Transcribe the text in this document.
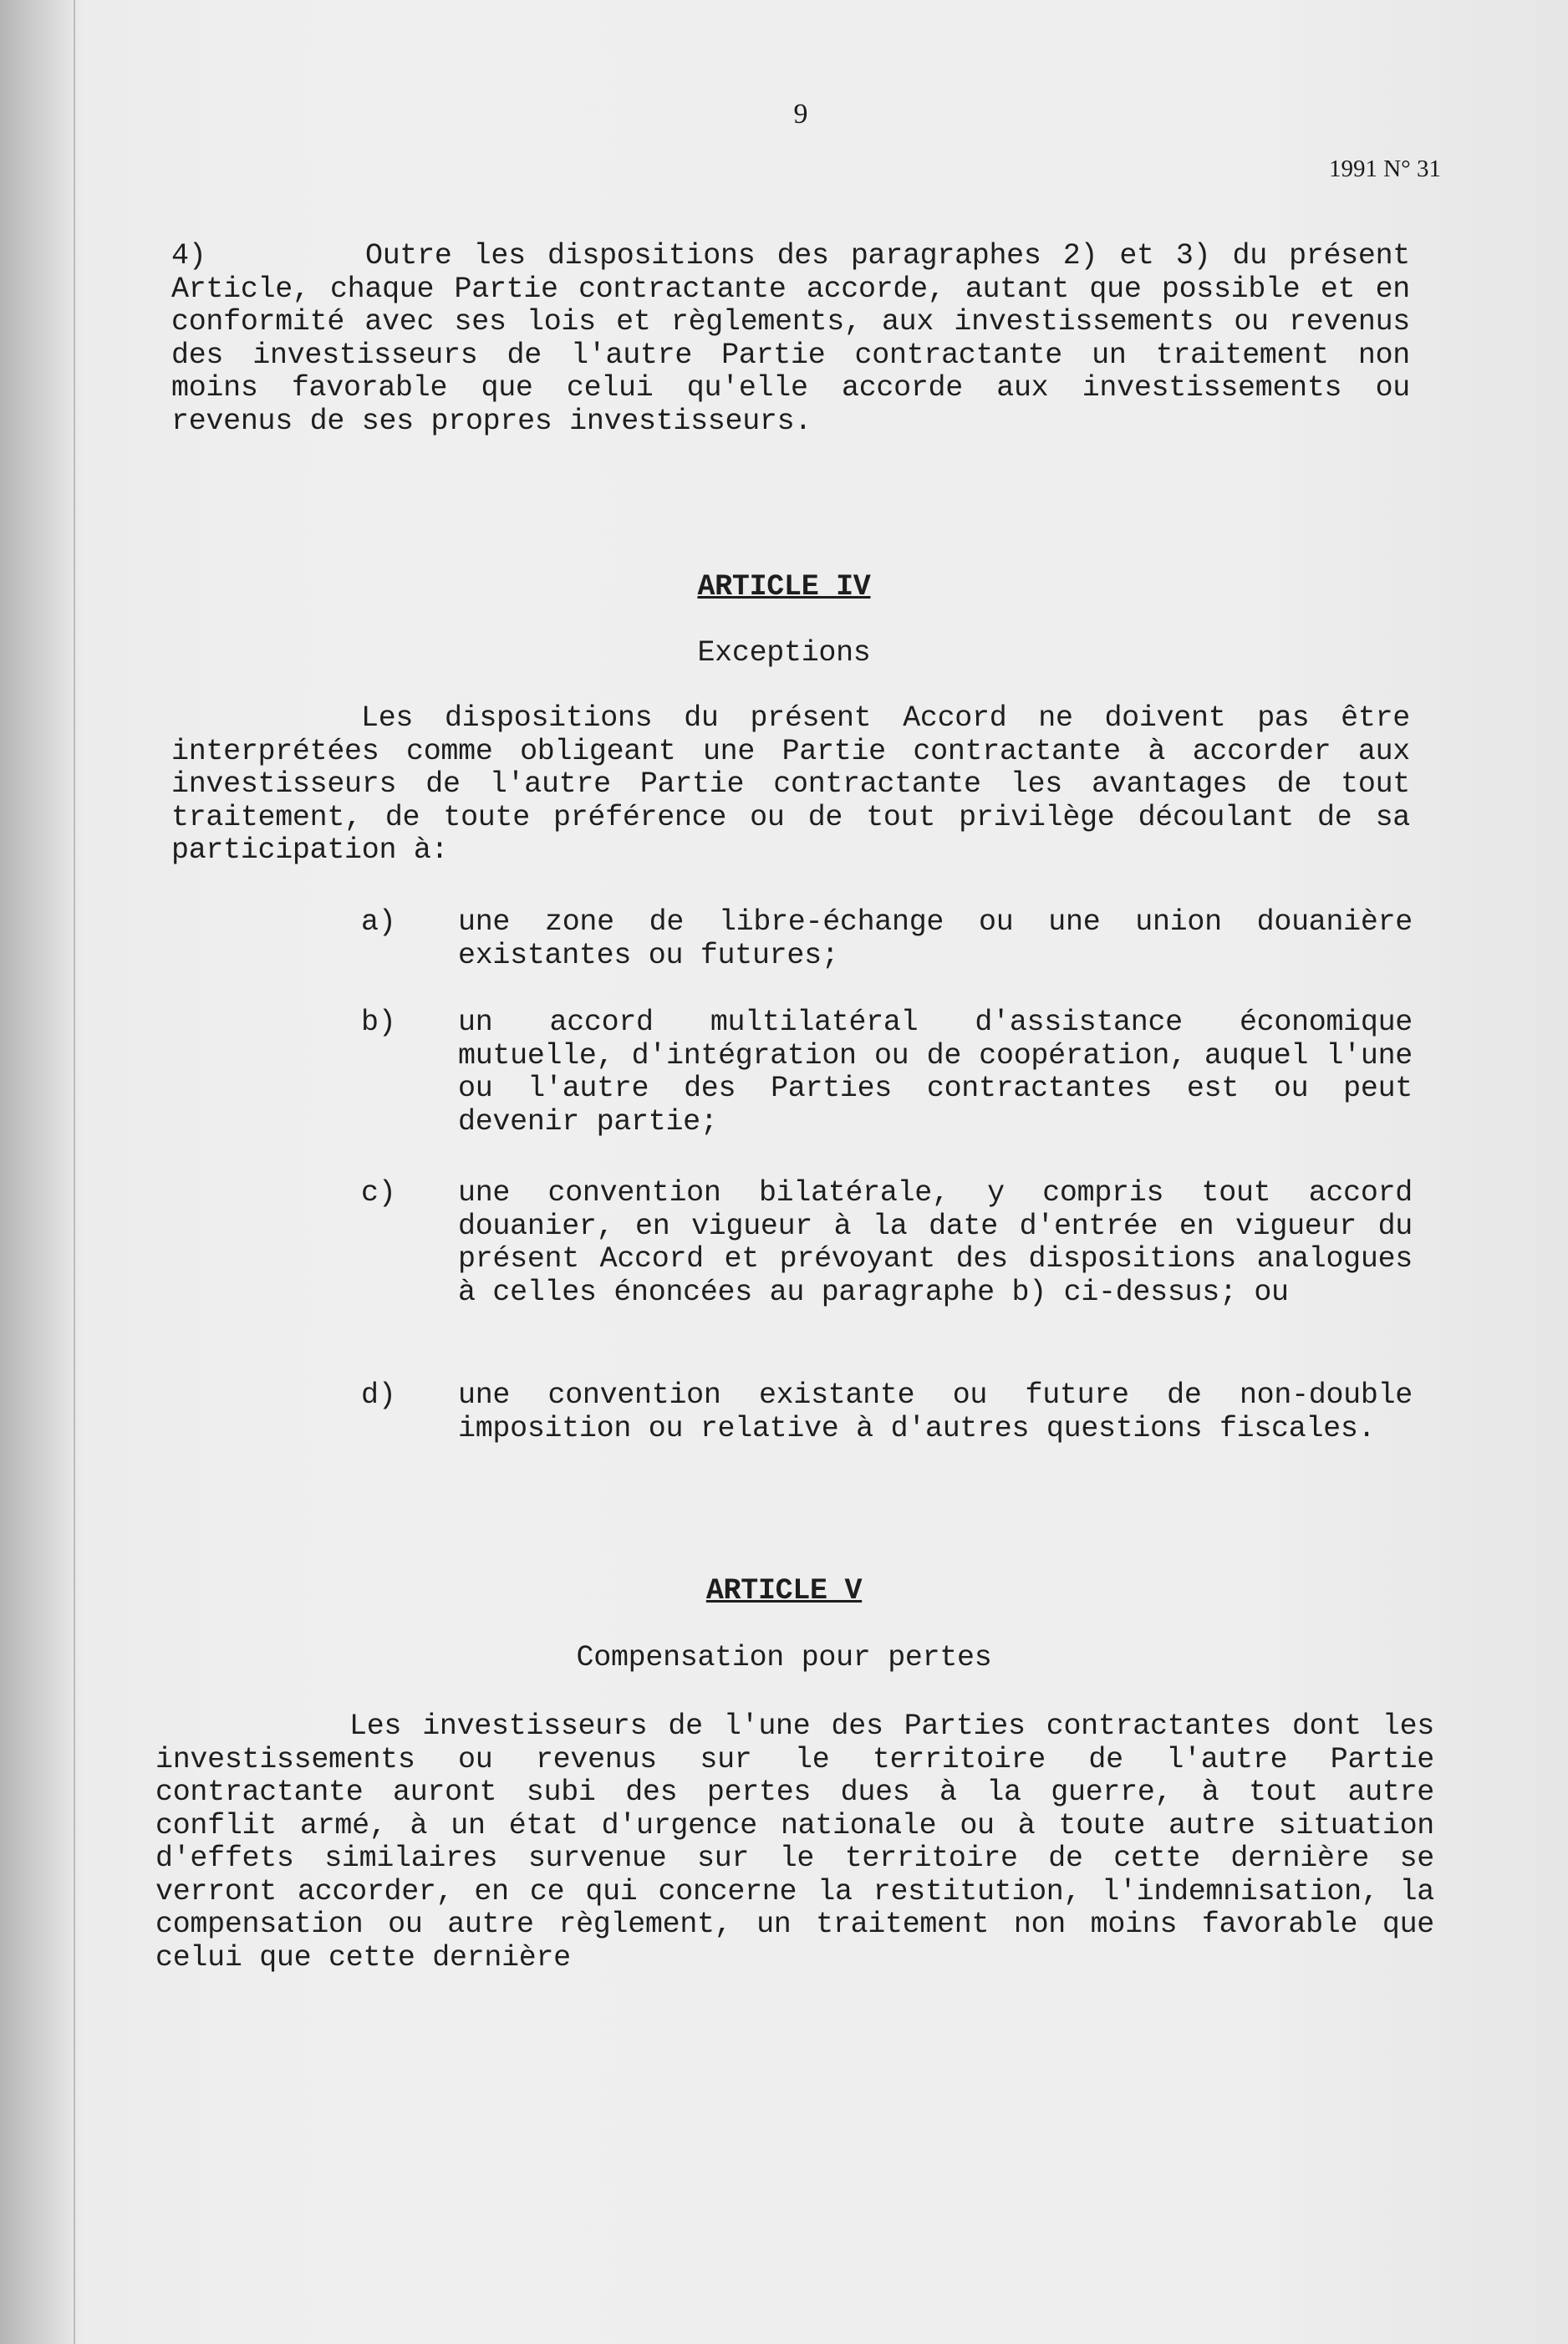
9
1991 N° 31
4)	Outre les dispositions des paragraphes 2) et 3) du présent Article, chaque Partie contractante accorde, autant que possible et en conformité avec ses lois et règlements, aux investissements ou revenus des investisseurs de l'autre Partie contractante un traitement non moins favorable que celui qu'elle accorde aux investissements ou revenus de ses propres investisseurs.
ARTICLE IV
Exceptions
Les dispositions du présent Accord ne doivent pas être interprétées comme obligeant une Partie contractante à accorder aux investisseurs de l'autre Partie contractante les avantages de tout traitement, de toute préférence ou de tout privilège découlant de sa participation à:
a) une zone de libre-échange ou une union douanière existantes ou futures;
b) un accord multilatéral d'assistance économique mutuelle, d'intégration ou de coopération, auquel l'une ou l'autre des Parties contractantes est ou peut devenir partie;
c) une convention bilatérale, y compris tout accord douanier, en vigueur à la date d'entrée en vigueur du présent Accord et prévoyant des dispositions analogues à celles énoncées au paragraphe b) ci-dessus; ou
d) une convention existante ou future de non-double imposition ou relative à d'autres questions fiscales.
ARTICLE V
Compensation pour pertes
Les investisseurs de l'une des Parties contractantes dont les investissements ou revenus sur le territoire de l'autre Partie contractante auront subi des pertes dues à la guerre, à tout autre conflit armé, à un état d'urgence nationale ou à toute autre situation d'effets similaires survenue sur le territoire de cette dernière se verront accorder, en ce qui concerne la restitution, l'indemnisation, la compensation ou autre règlement, un traitement non moins favorable que celui que cette dernière
